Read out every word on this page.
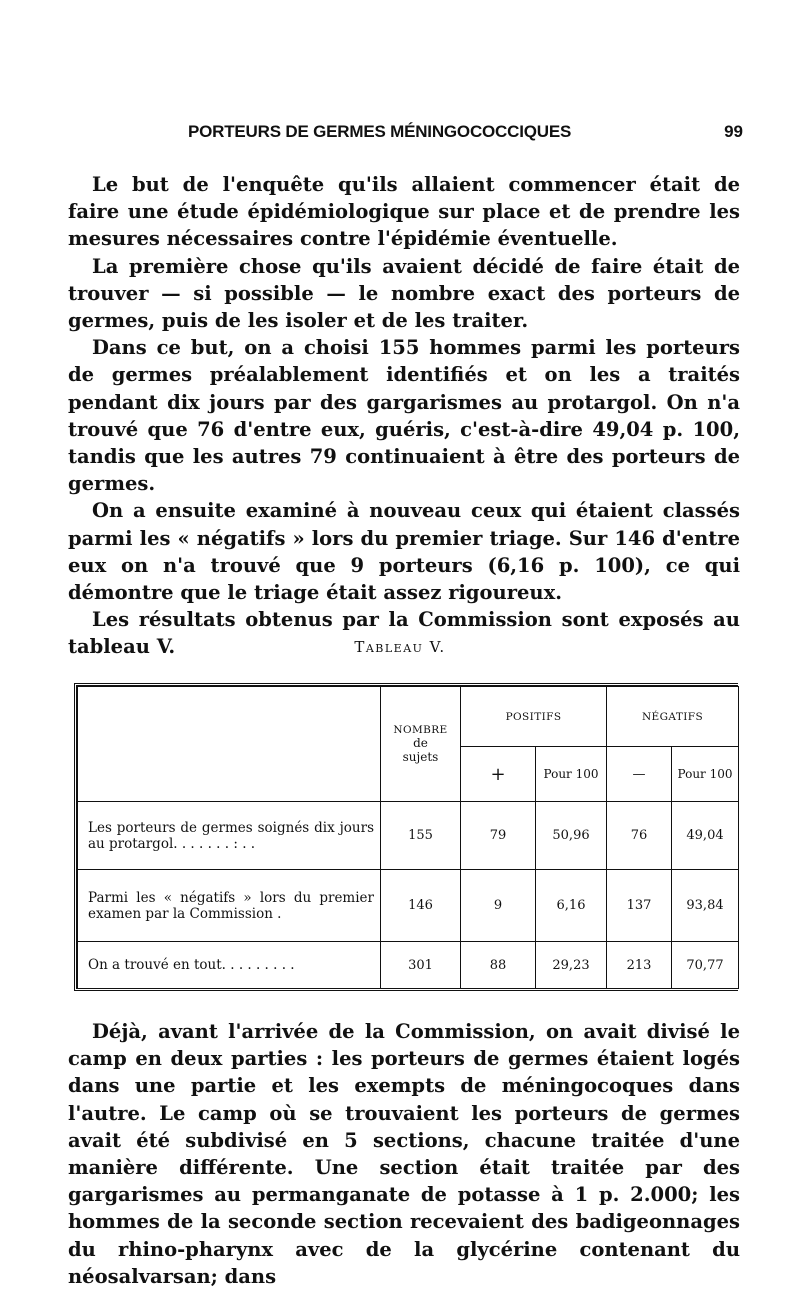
PORTEURS DE GERMES MÉNINGOCOCCIQUES	99

Le but de l'enquête qu'ils allaient commencer était de faire une étude épidémiologique sur place et de prendre les mesures nécessaires contre l'épidémie éventuelle.

La première chose qu'ils avaient décidé de faire était de trouver — si possible — le nombre exact des porteurs de germes, puis de les isoler et de les traiter.

Dans ce but, on a choisi 155 hommes parmi les porteurs de germes préalablement identifiés et on les a traités pendant dix jours par des gargarismes au protargol. On n'a trouvé que 76 d'entre eux, guéris, c'est-à-dire 49,04 p. 100, tandis que les autres 79 continuaient à être des porteurs de germes.

On a ensuite examiné à nouveau ceux qui étaient classés parmi les « négatifs » lors du premier triage. Sur 146 d'entre eux on n'a trouvé que 9 porteurs (6,16 p. 100), ce qui démontre que le triage était assez rigoureux.

Les résultats obtenus par la Commission sont exposés au tableau V.	Tableau V.

	NOMBRE
de
sujets	POSITIFS		NÉGATIFS	
		+	Pour 100	—	Pour 100
Les porteurs de germes soignés dix jours au protargol. . . . . . . : . .	155	79	50,96	76	49,04
Parmi les « négatifs » lors du premier examen par la Commission .	146	9	6,16	137	93,84
On a trouvé en tout. . . . . . . . .	301	88	29,23	213	70,77

Déjà, avant l'arrivée de la Commission, on avait divisé le camp en deux parties : les porteurs de germes étaient logés dans une partie et les exempts de méningocoques dans l'autre. Le camp où se trouvaient les porteurs de germes avait été subdivisé en 5 sections, chacune traitée d'une manière différente. Une section était traitée par des gargarismes au permanganate de potasse à 1 p. 2.000; les hommes de la seconde section recevaient des badigeonnages du rhino-pharynx avec de la glycérine contenant du néosalvarsan; dans
